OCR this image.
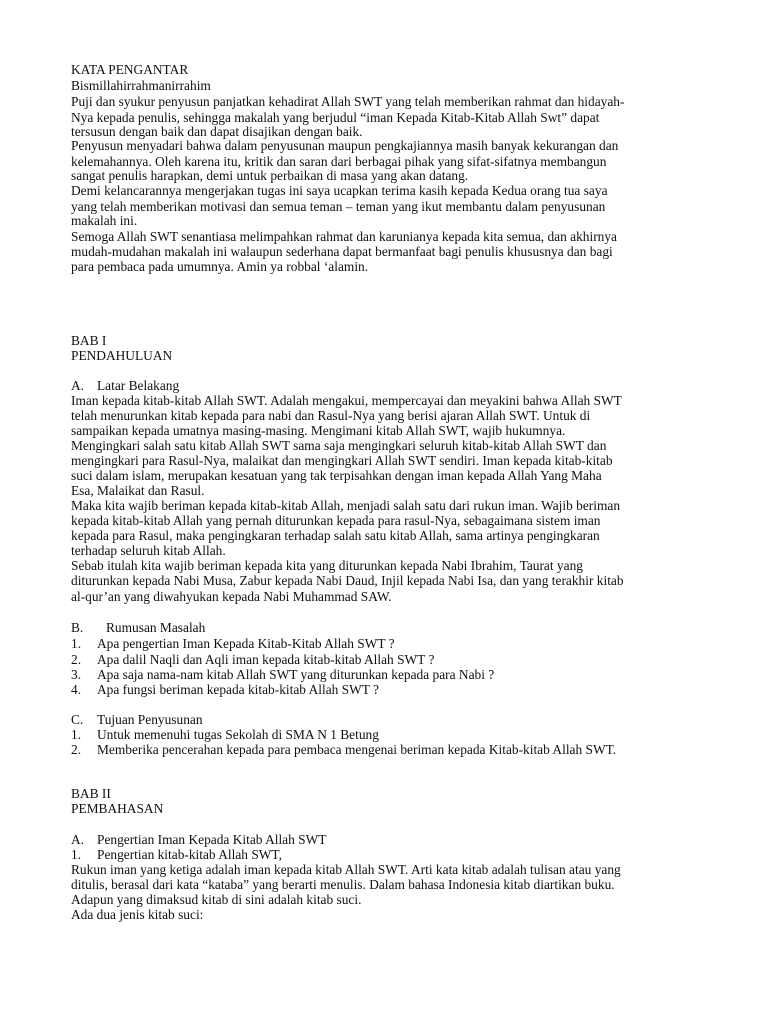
KATA PENGANTAR
Bismillahirrahmanirrahim
Puji dan syukur penyusun panjatkan kehadirat Allah SWT yang telah memberikan rahmat dan hidayah-
Nya kepada penulis, sehingga makalah yang berjudul “iman Kepada Kitab-Kitab Allah Swt” dapat
tersusun dengan baik dan dapat disajikan dengan baik.
Penyusun menyadari bahwa dalam penyusunan maupun pengkajiannya masih banyak kekurangan dan
kelemahannya. Oleh karena itu, kritik dan saran dari berbagai pihak yang sifat-sifatnya membangun
sangat penulis harapkan, demi untuk perbaikan di masa yang akan datang.
Demi kelancarannya mengerjakan tugas ini saya ucapkan terima kasih kepada Kedua orang tua saya
yang telah memberikan motivasi dan semua teman – teman yang ikut membantu dalam penyusunan
makalah ini.
Semoga Allah SWT senantiasa melimpahkan rahmat dan karunianya kepada kita semua, dan akhirnya
mudah-mudahan makalah ini walaupun sederhana dapat bermanfaat bagi penulis khususnya dan bagi
para pembaca pada umumnya. Amin ya robbal ‘alamin.
BAB I
PENDAHULUAN
A. Latar Belakang
Iman kepada kitab-kitab Allah SWT. Adalah mengakui, mempercayai dan meyakini bahwa Allah SWT
telah menurunkan kitab kepada para nabi dan Rasul-Nya yang berisi ajaran Allah SWT. Untuk di
sampaikan kepada umatnya masing-masing. Mengimani kitab Allah SWT, wajib hukumnya.
Mengingkari salah satu kitab Allah SWT sama saja mengingkari seluruh kitab-kitab Allah SWT dan
mengingkari para Rasul-Nya, malaikat dan mengingkari Allah SWT sendiri. Iman kepada kitab-kitab
suci dalam islam, merupakan kesatuan yang tak terpisahkan dengan iman kepada Allah Yang Maha
Esa, Malaikat dan Rasul.
Maka kita wajib beriman kepada kitab-kitab Allah, menjadi salah satu dari rukun iman. Wajib beriman
kepada kitab-kitab Allah yang pernah diturunkan kepada para rasul-Nya, sebagaimana sistem iman
kepada para Rasul, maka pengingkaran terhadap salah satu kitab Allah, sama artinya pengingkaran
terhadap seluruh kitab Allah.
Sebab itulah kita wajib beriman kepada kita yang diturunkan kepada Nabi Ibrahim, Taurat yang
diturunkan kepada Nabi Musa, Zabur kepada Nabi Daud, Injil kepada Nabi Isa, dan yang terakhir kitab
al-qur’an yang diwahyukan kepada Nabi Muhammad SAW.
B. Rumusan Masalah
1. Apa pengertian Iman Kepada Kitab-Kitab Allah SWT ?
2. Apa dalil Naqli dan Aqli iman kepada kitab-kitab Allah SWT ?
3. Apa saja nama-nam kitab Allah SWT yang diturunkan kepada para Nabi ?
4. Apa fungsi beriman kepada kitab-kitab Allah SWT ?
C. Tujuan Penyusunan
1. Untuk memenuhi tugas Sekolah di SMA N 1 Betung
2. Memberika pencerahan kepada para pembaca mengenai beriman kepada Kitab-kitab Allah SWT.
BAB II
PEMBAHASAN
A. Pengertian Iman Kepada Kitab Allah SWT
1. Pengertian kitab-kitab Allah SWT,
Rukun iman yang ketiga adalah iman kepada kitab Allah SWT. Arti kata kitab adalah tulisan atau yang
ditulis, berasal dari kata “kataba” yang berarti menulis. Dalam bahasa Indonesia kitab diartikan buku.
Adapun yang dimaksud kitab di sini adalah kitab suci.
Ada dua jenis kitab suci:
